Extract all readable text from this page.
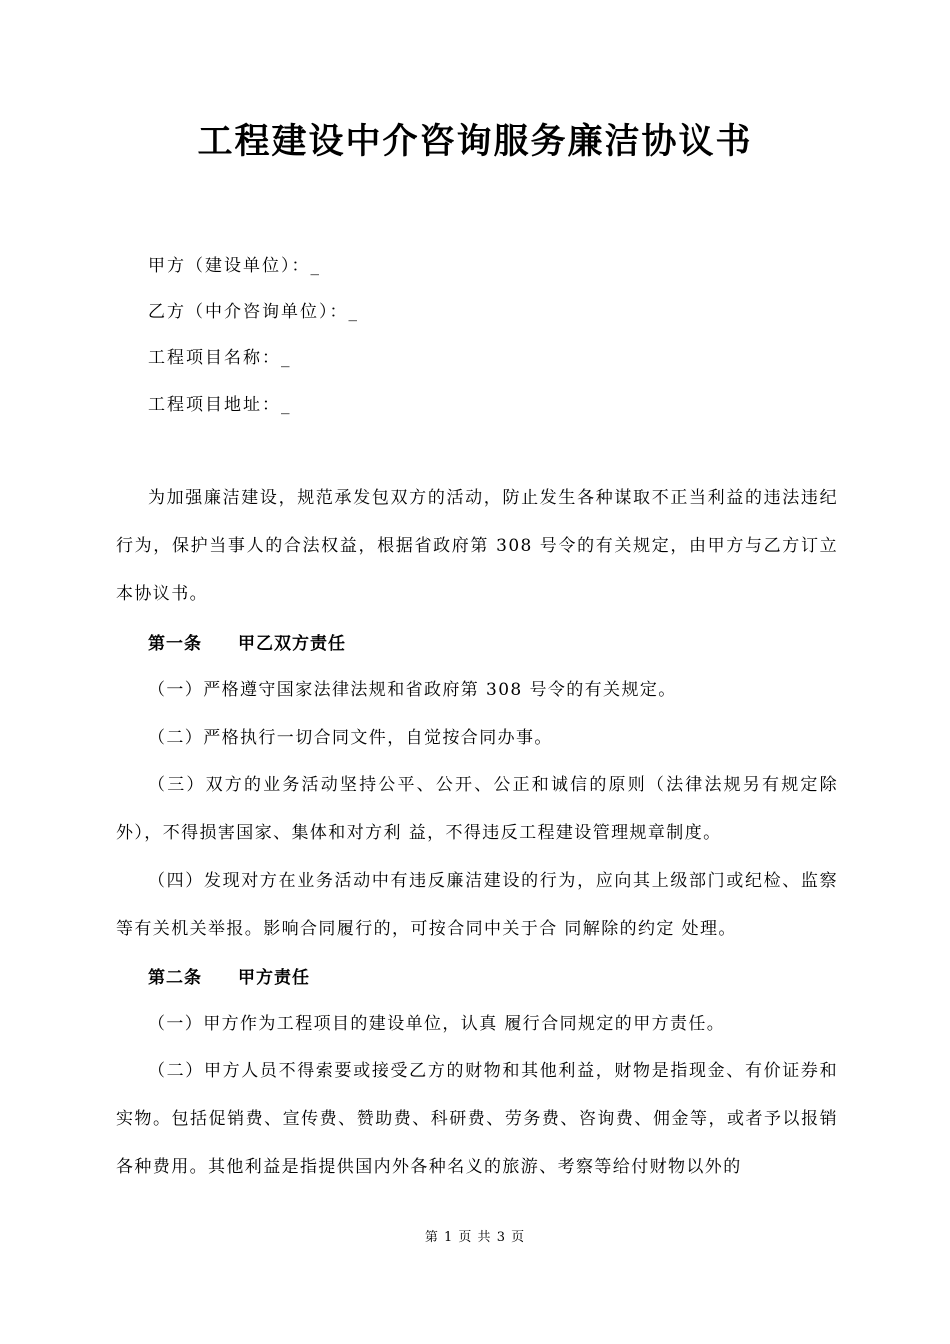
工程建设中介咨询服务廉洁协议书
甲方（建设单位）：_
乙方（中介咨询单位）：_
工程项目名称：_
工程项目地址：_

为加强廉洁建设，规范承发包双方的活动，防止发生各种谋取不正当利益的违法违纪行为，保护当事人的合法权益，根据省政府第 308 号令的有关规定，由甲方与乙方订立本协议书。

第一条 甲乙双方责任

（一）严格遵守国家法律法规和省政府第 308 号令的有关规定。

（二）严格执行一切合同文件，自觉按合同办事。

（三）双方的业务活动坚持公平、公开、公正和诚信的原则（法律法规另有规定除外），不得损害国家、集体和对方利 益，不得违反工程建设管理规章制度。

（四）发现对方在业务活动中有违反廉洁建设的行为，应向其上级部门或纪检、监察等有关机关举报。影响合同履行的，可按合同中关于合 同解除的约定 处理。

第二条 甲方责任

（一）甲方作为工程项目的建设单位，认真 履行合同规定的甲方责任。

（二）甲方人员不得索要或接受乙方的财物和其他利益，财物是指现金、有价证券和实物。包括促销费、宣传费、赞助费、科研费、劳务费、咨询费、佣金等，或者予以报销各种费用。其他利益是指提供国内外各种名义的旅游、考察等给付财物以外的

第 1 页 共 3 页
